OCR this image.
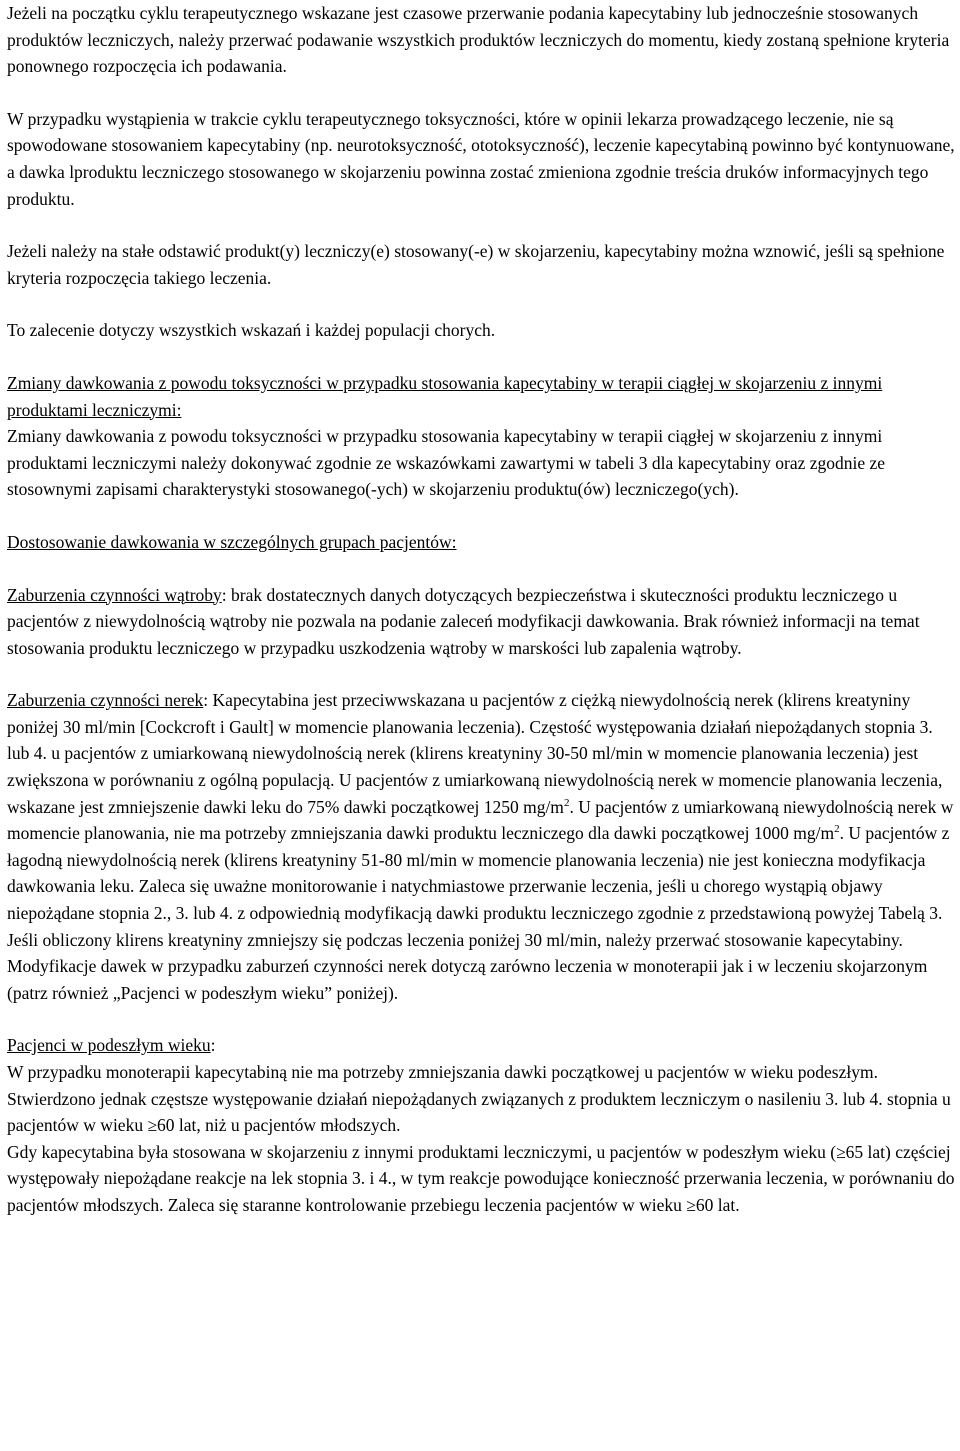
Jeżeli na początku cyklu terapeutycznego wskazane jest czasowe przerwanie podania kapecytabiny lub jednocześnie stosowanych produktów leczniczych, należy przerwać podawanie wszystkich produktów leczniczych do momentu, kiedy zostaną spełnione kryteria ponownego rozpoczęcia ich podawania.

W przypadku wystąpienia w trakcie cyklu terapeutycznego toksyczności, które w opinii lekarza prowadzącego leczenie, nie są spowodowane stosowaniem kapecytabiny (np. neurotoksyczność, ototoksyczność), leczenie kapecytabiną powinno być kontynuowane, a dawka lproduktu leczniczego stosowanego w skojarzeniu powinna zostać zmieniona zgodnie treścia druków informacyjnych tego produktu.

Jeżeli należy na stałe odstawić produkt(y) leczniczy(e) stosowany(-e) w skojarzeniu, kapecytabiny można wznowić, jeśli są spełnione kryteria rozpoczęcia takiego leczenia.

To zalecenie dotyczy wszystkich wskazań i każdej populacji chorych.

Zmiany dawkowania z powodu toksyczności w przypadku stosowania kapecytabiny w terapii ciągłej w skojarzeniu z innymi produktami leczniczymi:
Zmiany dawkowania z powodu toksyczności w przypadku stosowania kapecytabiny w terapii ciągłej w skojarzeniu z innymi produktami leczniczymi należy dokonywać zgodnie ze wskazówkami zawartymi w tabeli 3 dla kapecytabiny oraz zgodnie ze stosownymi zapisami charakterystyki stosowanego(-ych) w skojarzeniu produktu(ów) leczniczego(ych).

Dostosowanie dawkowania w szczególnych grupach pacjentów:

Zaburzenia czynności wątroby: brak dostatecznych danych dotyczących bezpieczeństwa i skuteczności produktu leczniczego u pacjentów z niewydolnością wątroby nie pozwala na podanie zaleceń modyfikacji dawkowania. Brak również informacji na temat stosowania produktu leczniczego w przypadku uszkodzenia wątroby w marskości lub zapalenia wątroby.

Zaburzenia czynności nerek: Kapecytabina jest przeciwwskazana u pacjentów z ciężką niewydolnością nerek (klirens kreatyniny poniżej 30 ml/min [Cockcroft i Gault] w momencie planowania leczenia). Częstość występowania działań niepożądanych stopnia 3. lub 4. u pacjentów z umiarkowaną niewydolnością nerek (klirens kreatyniny 30-50 ml/min w momencie planowania leczenia) jest zwiększona w porównaniu z ogólną populacją. U pacjentów z umiarkowaną niewydolnością nerek w momencie planowania leczenia, wskazane jest zmniejszenie dawki leku do 75% dawki początkowej 1250 $mg/m^2$. U pacjentów z umiarkowaną niewydolnością nerek w momencie planowania, nie ma potrzeby zmniejszania dawki produktu leczniczego dla dawki początkowej 1000 $mg/m^2$. U pacjentów z łagodną niewydolnością nerek (klirens kreatyniny 51-80 ml/min w momencie planowania leczenia) nie jest konieczna modyfikacja dawkowania leku. Zaleca się uważne monitorowanie i natychmiastowe przerwanie leczenia, jeśli u chorego wystąpią objawy niepożądane stopnia 2., 3. lub 4. z odpowiednią modyfikacją dawki produktu leczniczego zgodnie z przedstawioną powyżej Tabelą 3. Jeśli obliczony klirens kreatyniny zmniejszy się podczas leczenia poniżej 30 ml/min, należy przerwać stosowanie kapecytabiny. Modyfikacje dawek w przypadku zaburzeń czynności nerek dotyczą zarówno leczenia w monoterapii jak i w leczeniu skojarzonym (patrz również „Pacjenci w podeszłym wieku” poniżej).

Pacjenci w podeszłym wieku:
W przypadku monoterapii kapecytabiną nie ma potrzeby zmniejszania dawki początkowej u pacjentów w wieku podeszłym. Stwierdzono jednak częstsze występowanie działań niepożądanych związanych z produktem leczniczym o nasileniu 3. lub 4. stopnia u pacjentów w wieku ≥60 lat, niż u pacjentów młodszych.
Gdy kapecytabina była stosowana w skojarzeniu z innymi produktami leczniczymi, u pacjentów w podeszłym wieku (≥65 lat) częściej występowały niepożądane reakcje na lek stopnia 3. i 4., w tym reakcje powodujące konieczność przerwania leczenia, w porównaniu do pacjentów młodszych. Zaleca się staranne kontrolowanie przebiegu leczenia pacjentów w wieku ≥60 lat.
